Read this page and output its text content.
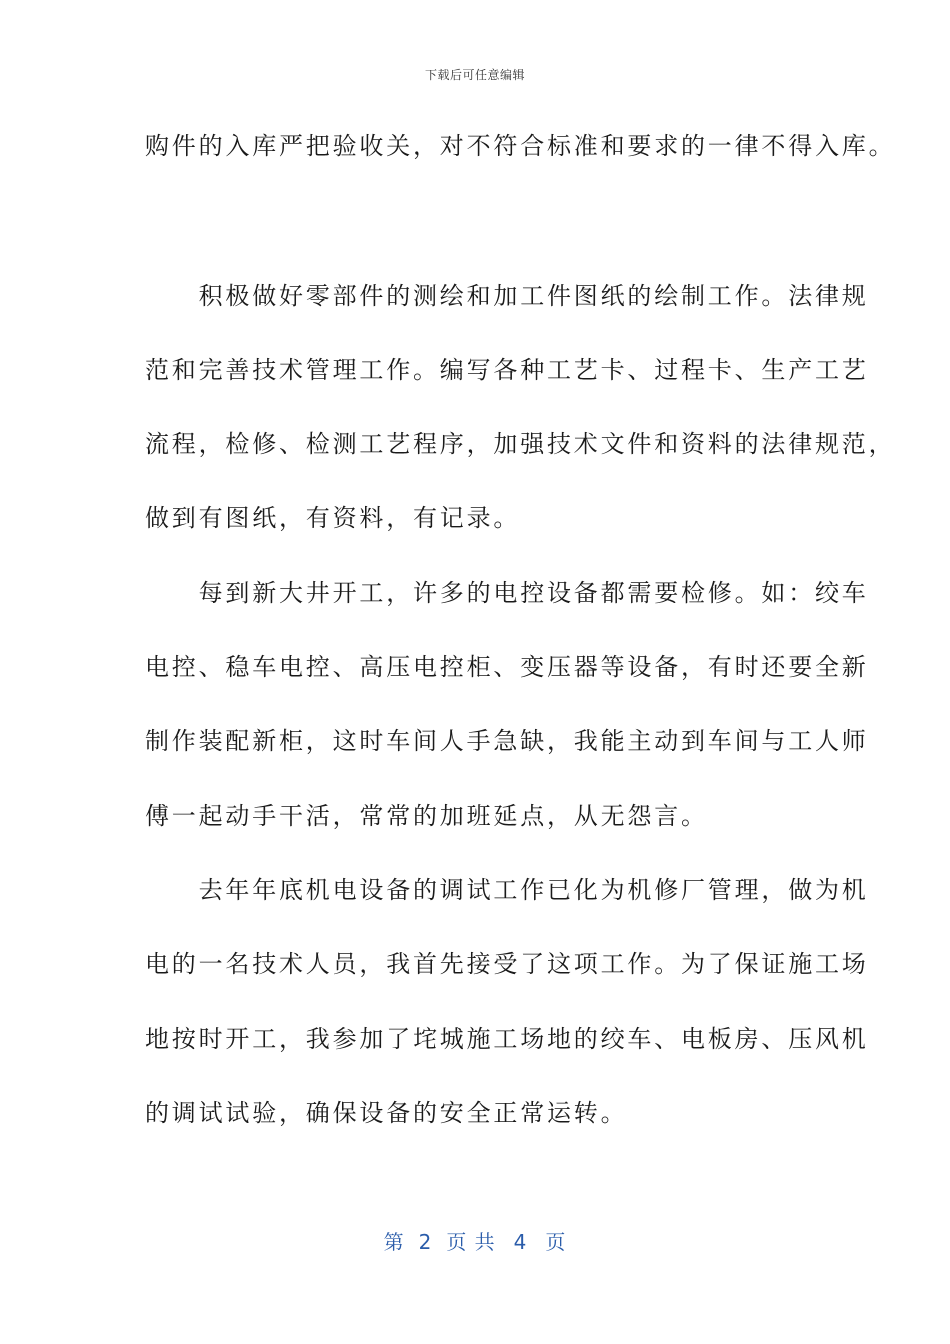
下载后可任意编辑
购件的入库严把验收关，对不符合标准和要求的一律不得入库。
　　积极做好零部件的测绘和加工件图纸的绘制工作。法律规
范和完善技术管理工作。编写各种工艺卡、过程卡、生产工艺
流程，检修、检测工艺程序，加强技术文件和资料的法律规范，
做到有图纸，有资料，有记录。
　　每到新大井开工，许多的电控设备都需要检修。如：绞车
电控、稳车电控、高压电控柜、变压器等设备，有时还要全新
制作装配新柜，这时车间人手急缺，我能主动到车间与工人师
傅一起动手干活，常常的加班延点，从无怨言。
　　去年年底机电设备的调试工作已化为机修厂管理，做为机
电的一名技术人员，我首先接受了这项工作。为了保证施工场
地按时开工，我参加了垞城施工场地的绞车、电板房、压风机
的调试试验，确保设备的安全正常运转。
第 2 页 共 4 页
